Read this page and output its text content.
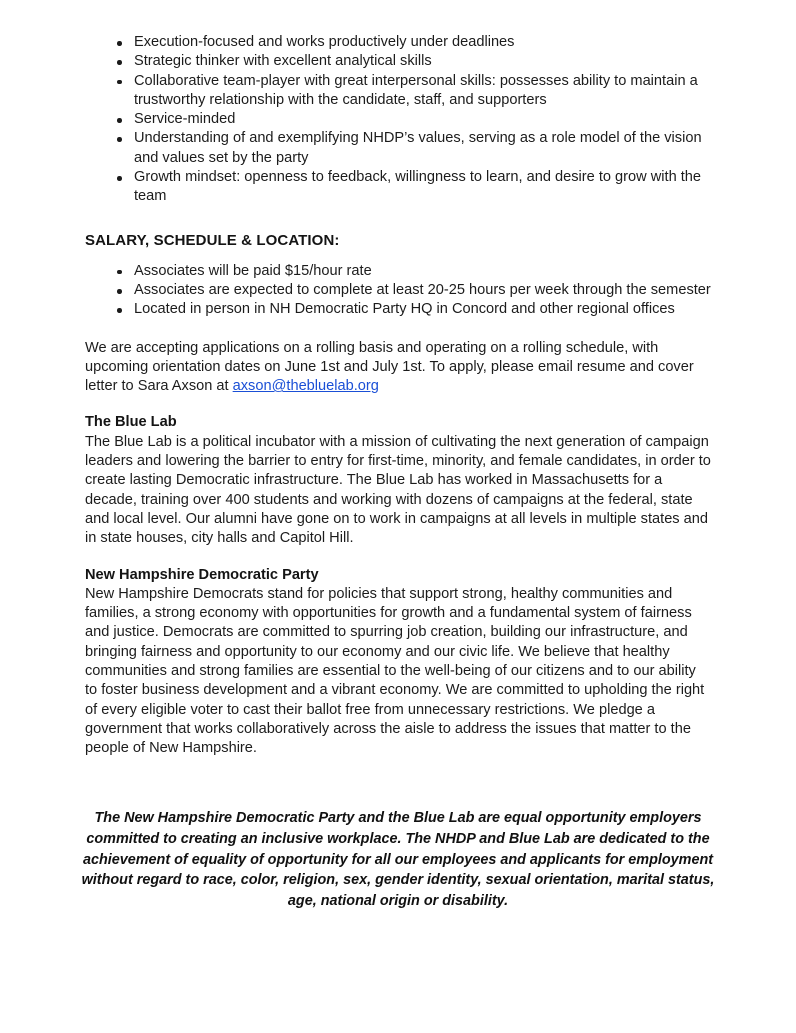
Execution-focused and works productively under deadlines
Strategic thinker with excellent analytical skills
Collaborative team-player with great interpersonal skills: possesses ability to maintain a trustworthy relationship with the candidate, staff, and supporters
Service-minded
Understanding of and exemplifying NHDP’s values, serving as a role model of the vision and values set by the party
Growth mindset: openness to feedback, willingness to learn, and desire to grow with the team
SALARY, SCHEDULE & LOCATION:
Associates will be paid $15/hour rate
Associates are expected to complete at least 20-25 hours per week through the semester
Located in person in NH Democratic Party HQ in Concord and other regional offices

We are accepting applications on a rolling basis and operating on a rolling schedule, with upcoming orientation dates on June 1st and July 1st. To apply, please email resume and cover letter to Sara Axson at axson@thebluelab.org

The Blue Lab

The Blue Lab is a political incubator with a mission of cultivating the next generation of campaign leaders and lowering the barrier to entry for first-time, minority, and female candidates, in order to create lasting Democratic infrastructure. The Blue Lab has worked in Massachusetts for a decade, training over 400 students and working with dozens of campaigns at the federal, state and local level. Our alumni have gone on to work in campaigns at all levels in multiple states and in state houses, city halls and Capitol Hill.

New Hampshire Democratic Party

New Hampshire Democrats stand for policies that support strong, healthy communities and families, a strong economy with opportunities for growth and a fundamental system of fairness and justice. Democrats are committed to spurring job creation, building our infrastructure, and bringing fairness and opportunity to our economy and our civic life. We believe that healthy communities and strong families are essential to the well-being of our citizens and to our ability to foster business development and a vibrant economy. We are committed to upholding the right of every eligible voter to cast their ballot free from unnecessary restrictions. We pledge a government that works collaboratively across the aisle to address the issues that matter to the people of New Hampshire.

The New Hampshire Democratic Party and the Blue Lab are equal opportunity employers committed to creating an inclusive workplace. The NHDP and Blue Lab are dedicated to the achievement of equality of opportunity for all our employees and applicants for employment without regard to race, color, religion, sex, gender identity, sexual orientation, marital status, age, national origin or disability.
